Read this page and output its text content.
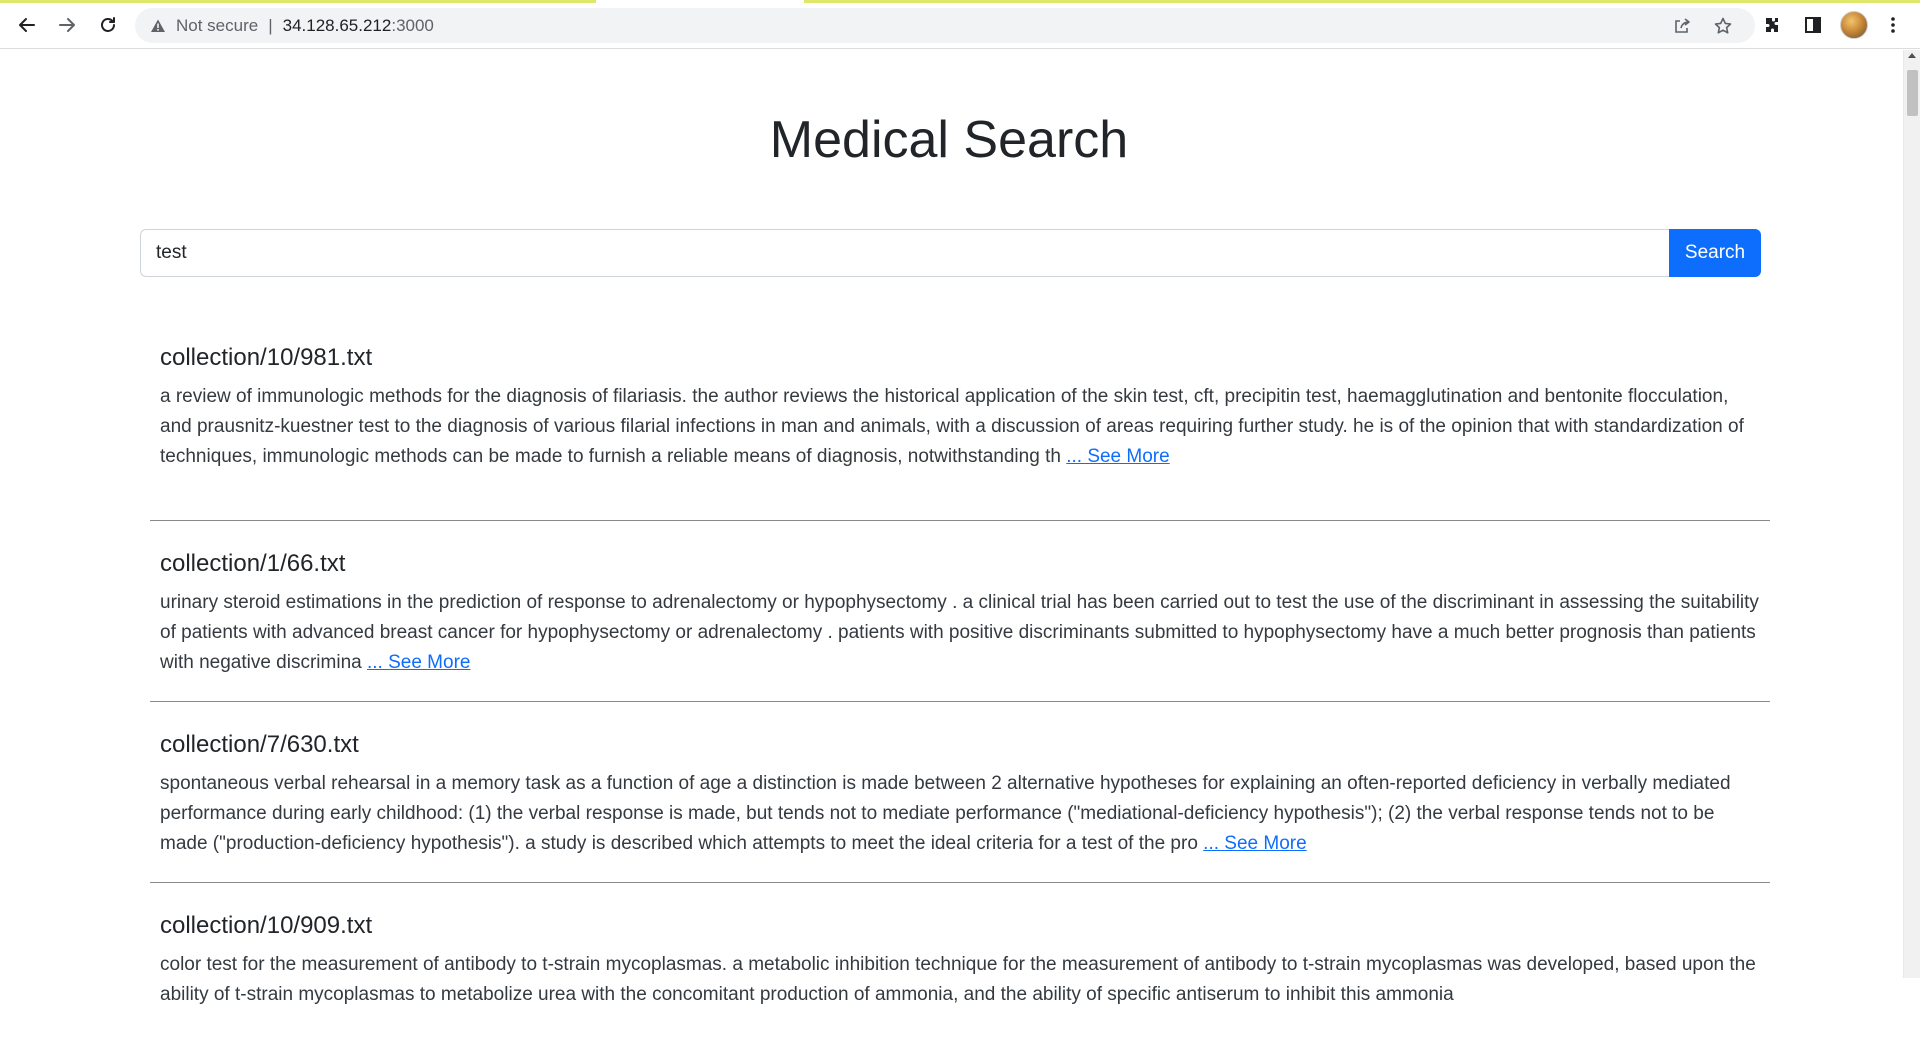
Not secure | 34.128.65.212 :3000
Medical Search
test
Search
collection/10/981.txt
a review of immunologic methods for the diagnosis of filariasis. the author reviews the historical application of the skin test, cft, precipitin test, haemagglutination and bentonite flocculation, and prausnitz-kuestner test to the diagnosis of various filarial infections in man and animals, with a discussion of areas requiring further study. he is of the opinion that with standardization of techniques, immunologic methods can be made to furnish a reliable means of diagnosis, notwithstanding th ... See More
collection/1/66.txt
urinary steroid estimations in the prediction of response to adrenalectomy or hypophysectomy . a clinical trial has been carried out to test the use of the discriminant in assessing the suitability of patients with advanced breast cancer for hypophysectomy or adrenalectomy . patients with positive discriminants submitted to hypophysectomy have a much better prognosis than patients with negative discrimina ... See More
collection/7/630.txt
spontaneous verbal rehearsal in a memory task as a function of age a distinction is made between 2 alternative hypotheses for explaining an often-reported deficiency in verbally mediated performance during early childhood: (1) the verbal response is made, but tends not to mediate performance ("mediational-deficiency hypothesis"); (2) the verbal response tends not to be made ("production-deficiency hypothesis"). a study is described which attempts to meet the ideal criteria for a test of the pro ... See More
collection/10/909.txt
color test for the measurement of antibody to t-strain mycoplasmas. a metabolic inhibition technique for the measurement of antibody to t-strain mycoplasmas was developed, based upon the ability of t-strain mycoplasmas to metabolize urea with the concomitant production of ammonia, and the ability of specific antiserum to inhibit this ammonia
